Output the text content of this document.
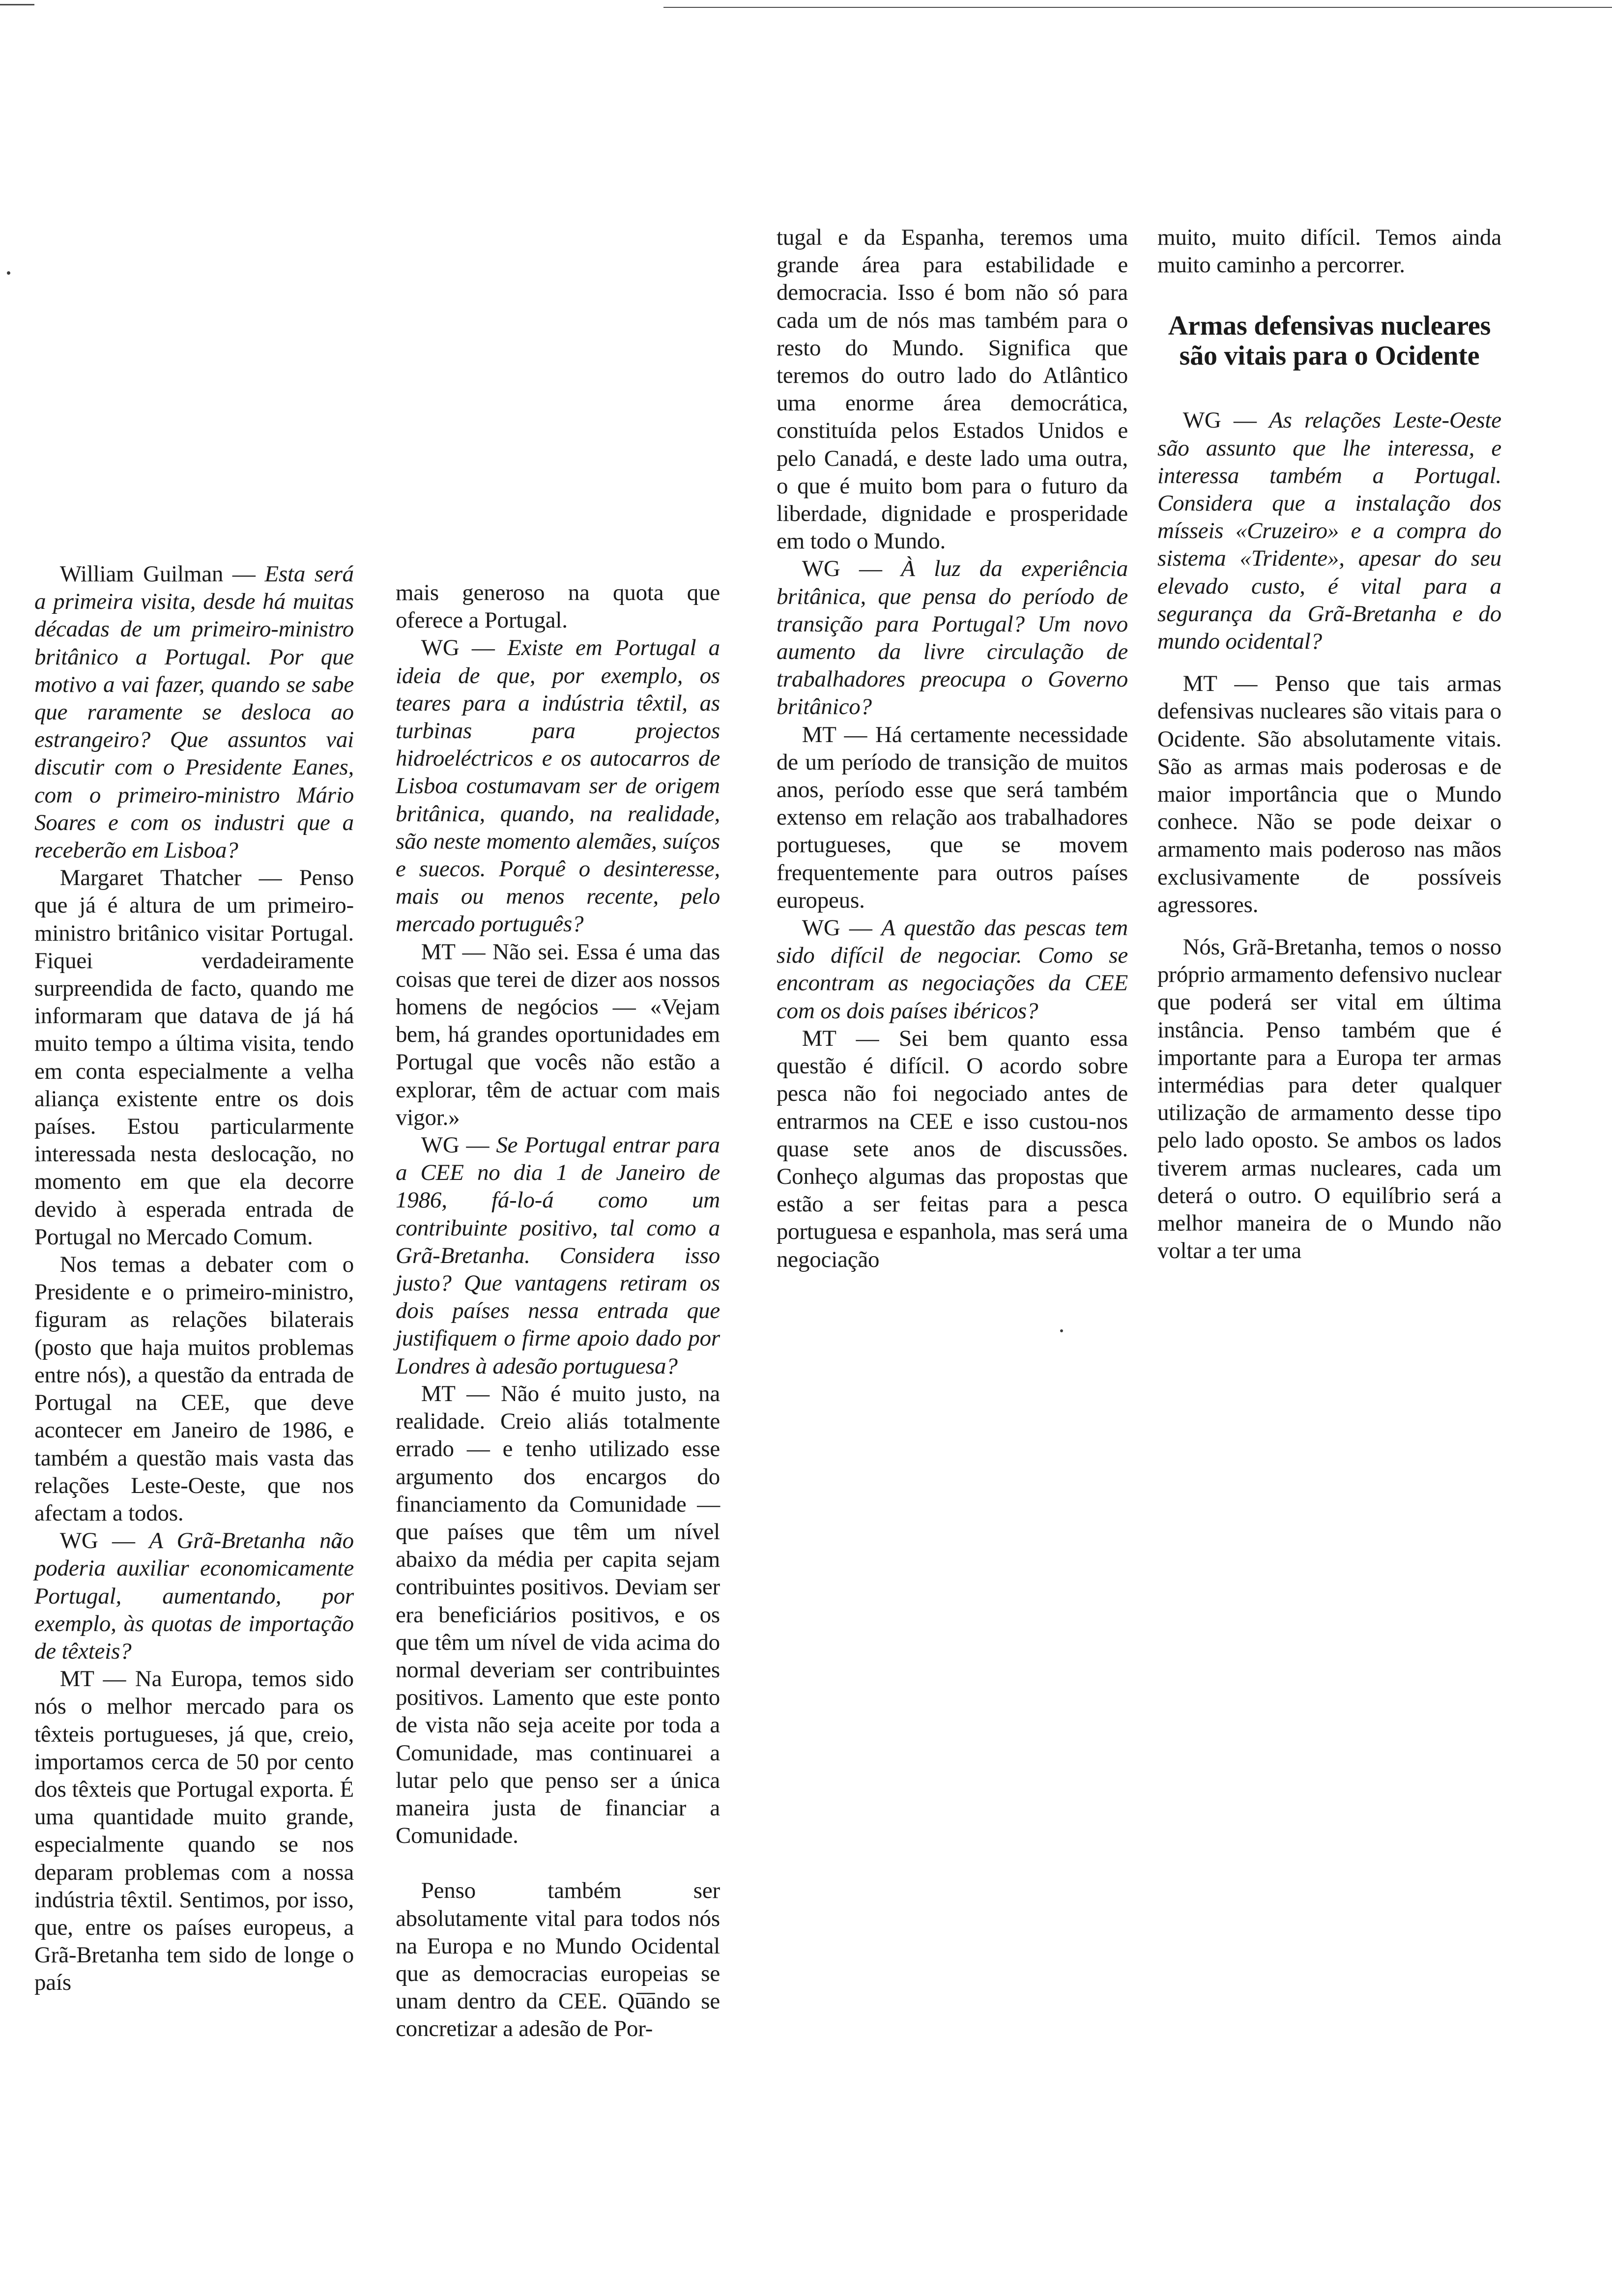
William Guilman — Esta será a primeira visita, desde há muitas décadas de um primeiro-ministro britânico a Portugal. Por que motivo a vai fazer, quando se sabe que raramente se desloca ao estrangeiro? Que assuntos vai discutir com o Presidente Eanes, com o primeiro-ministro Mário Soares e com os industri que a receberão em Lisboa?

Margaret Thatcher — Penso que já é altura de um primeiro-ministro britânico visitar Portugal. Fiquei verdadeiramente surpreendida de facto, quando me informaram que datava de já há muito tempo a última visita, tendo em conta especialmente a velha aliança existente entre os dois países. Estou particularmente interessada nesta deslocação, no momento em que ela decorre devido à esperada entrada de Portugal no Mercado Comum.

Nos temas a debater com o Presidente e o primeiro-ministro, figuram as relações bilaterais (posto que haja muitos problemas entre nós), a questão da entrada de Portugal na CEE, que deve acontecer em Janeiro de 1986, e também a questão mais vasta das relações Leste-Oeste, que nos afectam a todos.

WG — A Grã-Bretanha não poderia auxiliar economicamente Portugal, aumentando, por exemplo, às quotas de importação de têxteis?

MT — Na Europa, temos sido nós o melhor mercado para os têxteis portugueses, já que, creio, importamos cerca de 50 por cento dos têxteis que Portugal exporta. É uma quantidade muito grande, especialmente quando se nos deparam problemas com a nossa indústria têxtil. Sentimos, por isso, que, entre os países europeus, a Grã-Bretanha tem sido de longe o país

mais generoso na quota que oferece a Portugal.

WG — Existe em Portugal a ideia de que, por exemplo, os teares para a indústria têxtil, as turbinas para projectos hidroeléctricos e os autocarros de Lisboa costumavam ser de origem britânica, quando, na realidade, são neste momento alemães, suíços e suecos. Porquê o desinteresse, mais ou menos recente, pelo mercado português?

MT — Não sei. Essa é uma das coisas que terei de dizer aos nossos homens de negócios — «Vejam bem, há grandes oportunidades em Portugal que vocês não estão a explorar, têm de actuar com mais vigor.»

WG — Se Portugal entrar para a CEE no dia 1 de Janeiro de 1986, fá-lo-á como um contribuinte positivo, tal como a Grã-Bretanha. Considera isso justo? Que vantagens retiram os dois países nessa entrada que justifiquem o firme apoio dado por Londres à adesão portuguesa?

MT — Não é muito justo, na realidade. Creio aliás totalmente errado — e tenho utilizado esse argumento dos encargos do financiamento da Comunidade — que países que têm um nível abaixo da média per capita sejam contribuintes positivos. Deviam ser era beneficiários positivos, e os que têm um nível de vida acima do normal deveriam ser contribuintes positivos. Lamento que este ponto de vista não seja aceite por toda a Comunidade, mas continuarei a lutar pelo que penso ser a única maneira justa de financiar a Comunidade.

Penso também ser absolutamente vital para todos nós na Europa e no Mundo Ocidental que as democracias europeias se unam dentro da CEE. Quando se concretizar a adesão de Por-

tugal e da Espanha, teremos uma grande área para estabilidade e democracia. Isso é bom não só para cada um de nós mas também para o resto do Mundo. Significa que teremos do outro lado do Atlântico uma enorme área democrática, constituída pelos Estados Unidos e pelo Canadá, e deste lado uma outra, o que é muito bom para o futuro da liberdade, dignidade e prosperidade em todo o Mundo.

WG — À luz da experiência britânica, que pensa do período de transição para Portugal? Um novo aumento da livre circulação de trabalhadores preocupa o Governo britânico?

MT — Há certamente necessidade de um período de transição de muitos anos, período esse que será também extenso em relação aos trabalhadores portugueses, que se movem frequentemente para outros países europeus.

WG — A questão das pescas tem sido difícil de negociar. Como se encontram as negociações da CEE com os dois países ibéricos?

MT — Sei bem quanto essa questão é difícil. O acordo sobre pesca não foi negociado antes de entrarmos na CEE e isso custou-nos quase sete anos de discussões. Conheço algumas das propostas que estão a ser feitas para a pesca portuguesa e espanhola, mas será uma negociação

muito, muito difícil. Temos ainda muito caminho a percorrer.

Armas defensivas nucleares são vitais para o Ocidente

WG — As relações Leste-Oeste são assunto que lhe interessa, e interessa também a Portugal. Considera que a instalação dos mísseis «Cruzeiro» e a compra do sistema «Tridente», apesar do seu elevado custo, é vital para a segurança da Grã-Bretanha e do mundo ocidental?

MT — Penso que tais armas defensivas nucleares são vitais para o Ocidente. São absolutamente vitais. São as armas mais poderosas e de maior importância que o Mundo conhece. Não se pode deixar o armamento mais poderoso nas mãos exclusivamente de possíveis agressores.

Nós, Grã-Bretanha, temos o nosso próprio armamento defensivo nuclear que poderá ser vital em última instância. Penso também que é importante para a Europa ter armas intermédias para deter qualquer utilização de armamento desse tipo pelo lado oposto. Se ambos os lados tiverem armas nucleares, cada um deterá o outro. O equilíbrio será a melhor maneira de o Mundo não voltar a ter uma
